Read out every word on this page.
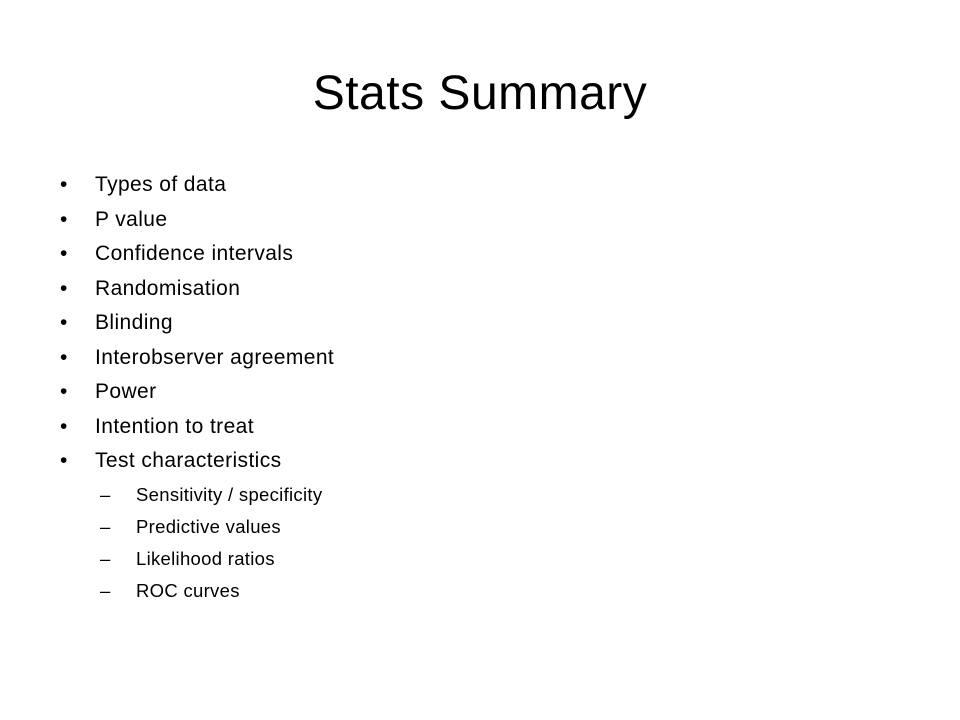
Stats Summary
• Types of data
• P value
• Confidence intervals
• Randomisation
• Blinding
• Interobserver agreement
• Power
• Intention to treat
• Test characteristics
– Sensitivity / specificity
– Predictive values
– Likelihood ratios
– ROC curves
